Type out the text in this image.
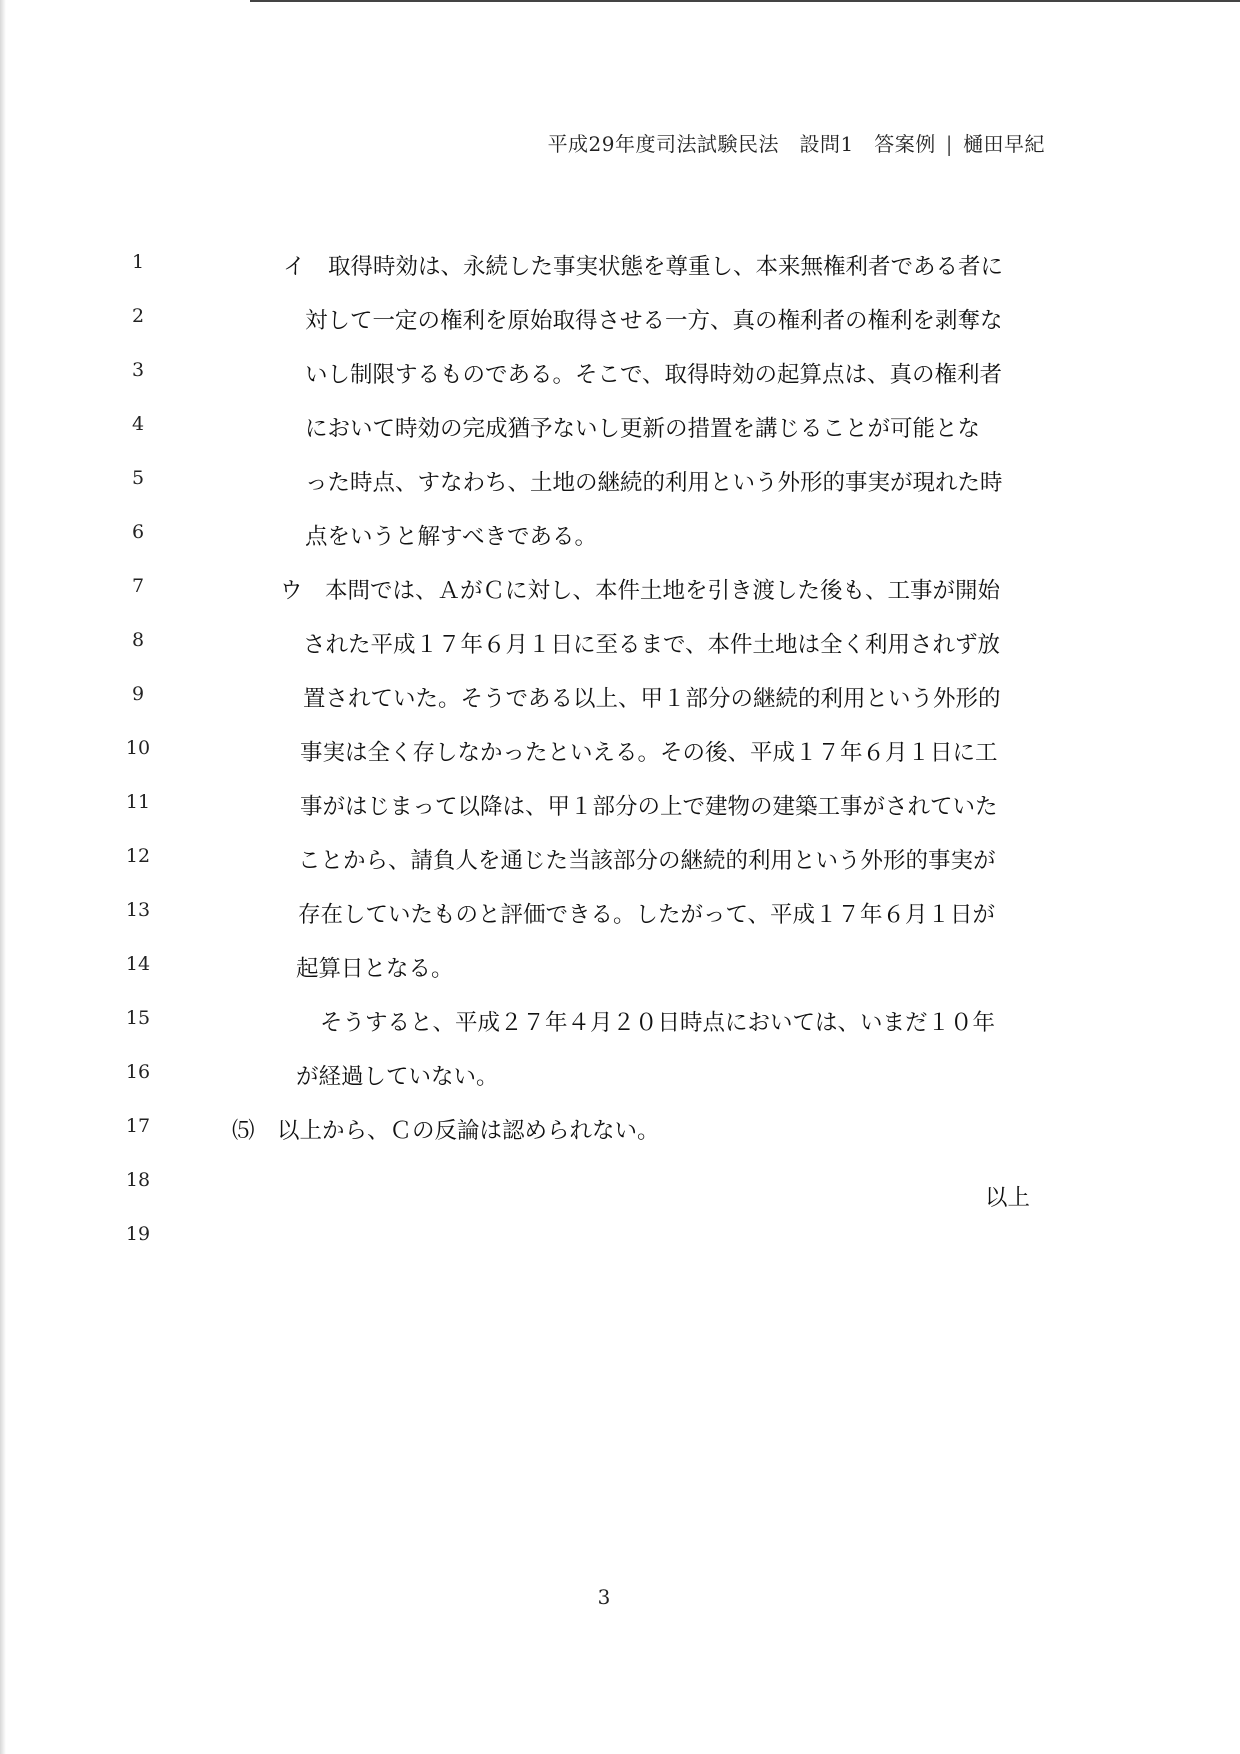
平成29年度司法試験民法　設問1　答案例 | 樋田早紀
1
2
3
4
5
6
7
8
9
10
11
12
13
14
15
16
17
18
19
イ　取得時効は、永続した事実状態を尊重し、本来無権利者である者に
対して一定の権利を原始取得させる一方、真の権利者の権利を剥奪な
いし制限するものである。そこで、取得時効の起算点は、真の権利者
において時効の完成猶予ないし更新の措置を講じることが可能とな
った時点、すなわち、土地の継続的利用という外形的事実が現れた時
点をいうと解すべきである。
ウ　本問では、ＡがＣに対し、本件土地を引き渡した後も、工事が開始
された平成１７年６月１日に至るまで、本件土地は全く利用されず放
置されていた。そうである以上、甲１部分の継続的利用という外形的
事実は全く存しなかったといえる。その後、平成１７年６月１日に工
事がはじまって以降は、甲１部分の上で建物の建築工事がされていた
ことから、請負人を通じた当該部分の継続的利用という外形的事実が
存在していたものと評価できる。したがって、平成１７年６月１日が
起算日となる。
そうすると、平成２７年４月２０日時点においては、いまだ１０年
が経過していない。
⑸　以上から、Ｃの反論は認められない。
以上
3
